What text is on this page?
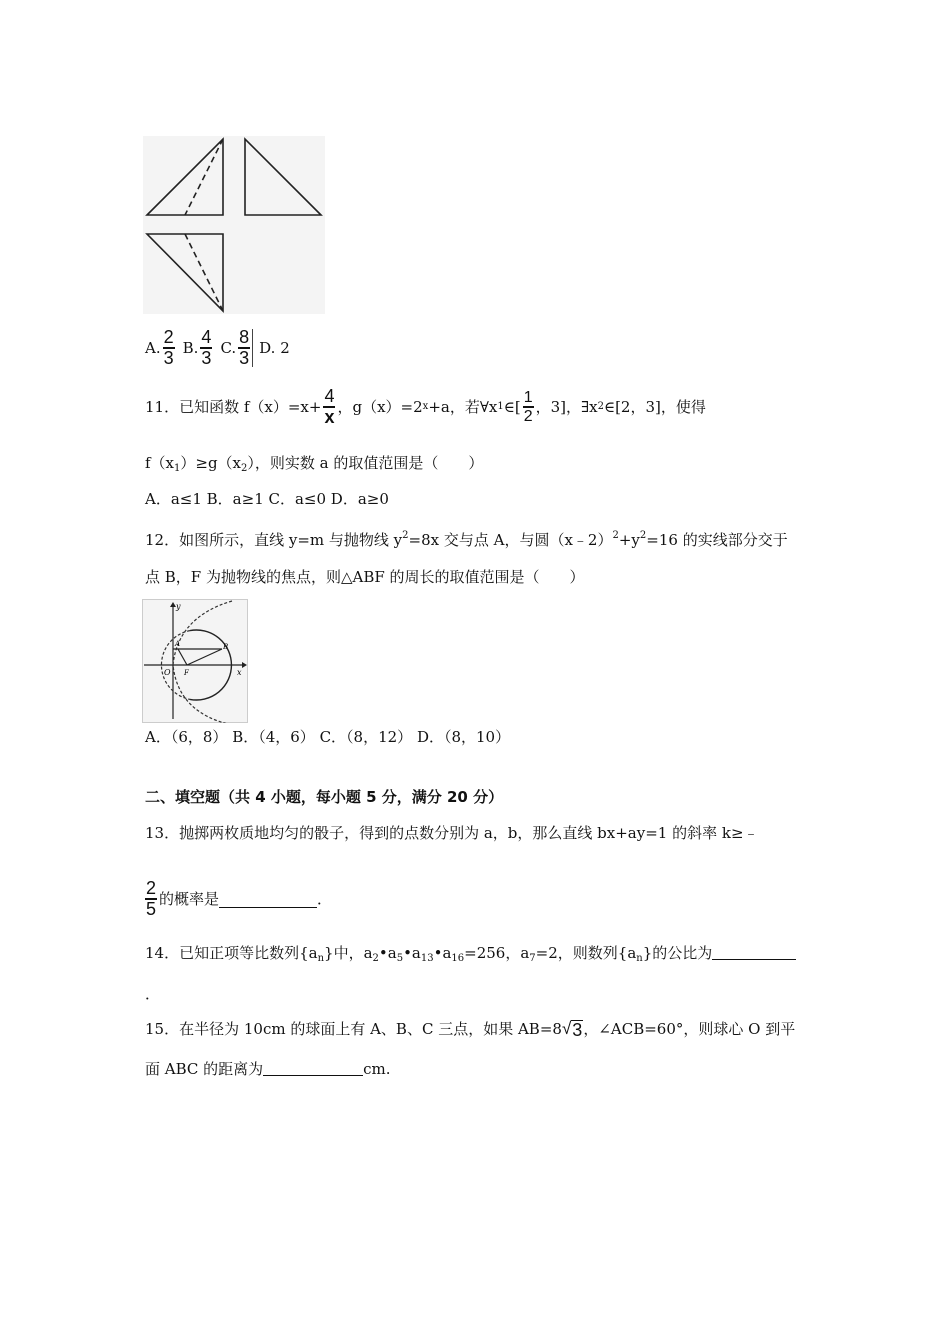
A. $\frac{2}{3} B$. $\frac{4}{3} C$. $\frac{8}{3} D$. 2
11．已知函数 $f(x)=x+ \frac{4}{x}$ ，g（x）=2 x +a，若∀x 1 ∈[ $\frac{1}{2}$ ，3]，∃x 2 ∈[2，3]，使得
$f(x_1)\ge g(x_2)$，则实数 a 的取值范围是（　　）
A．a≤1 B．a≥1 C．a≤0 D．a≥0
12．如图所示，直线 y=m 与抛物线 $y^2=8x$ 交与点 A，与圆$(x﹣2)^2+y^2=16$ 的实线部分交于
点 B，F 为抛物线的焦点，则△ABF 的周长的取值范围是（　　）
y
O	x
F
A	B
A．（6，8） B．（4，6） C．（8，12） D．（8，10）
二、填空题（共 4 小题，每小题 5 分，满分 20 分）
13．抛掷两枚质地均匀的骰子，得到的点数分别为 a，b，那么直线 bx+ay=1 的斜率 k≥﹣
$\frac{2}{5}$ 的概率是	．
14．已知正项等比数列$\{a_n\}$中，$a_2•a_5•a_{13}•a_{16}=256$，$a_7=2$，则数列$\{a_n\}$的公比为
．
15．在半径为 10cm 的球面上有 A、B、C 三点，如果 AB=8 √ 3 ，∠ACB=60°，则球心 O 到平
面 ABC 的距离为	cm.
